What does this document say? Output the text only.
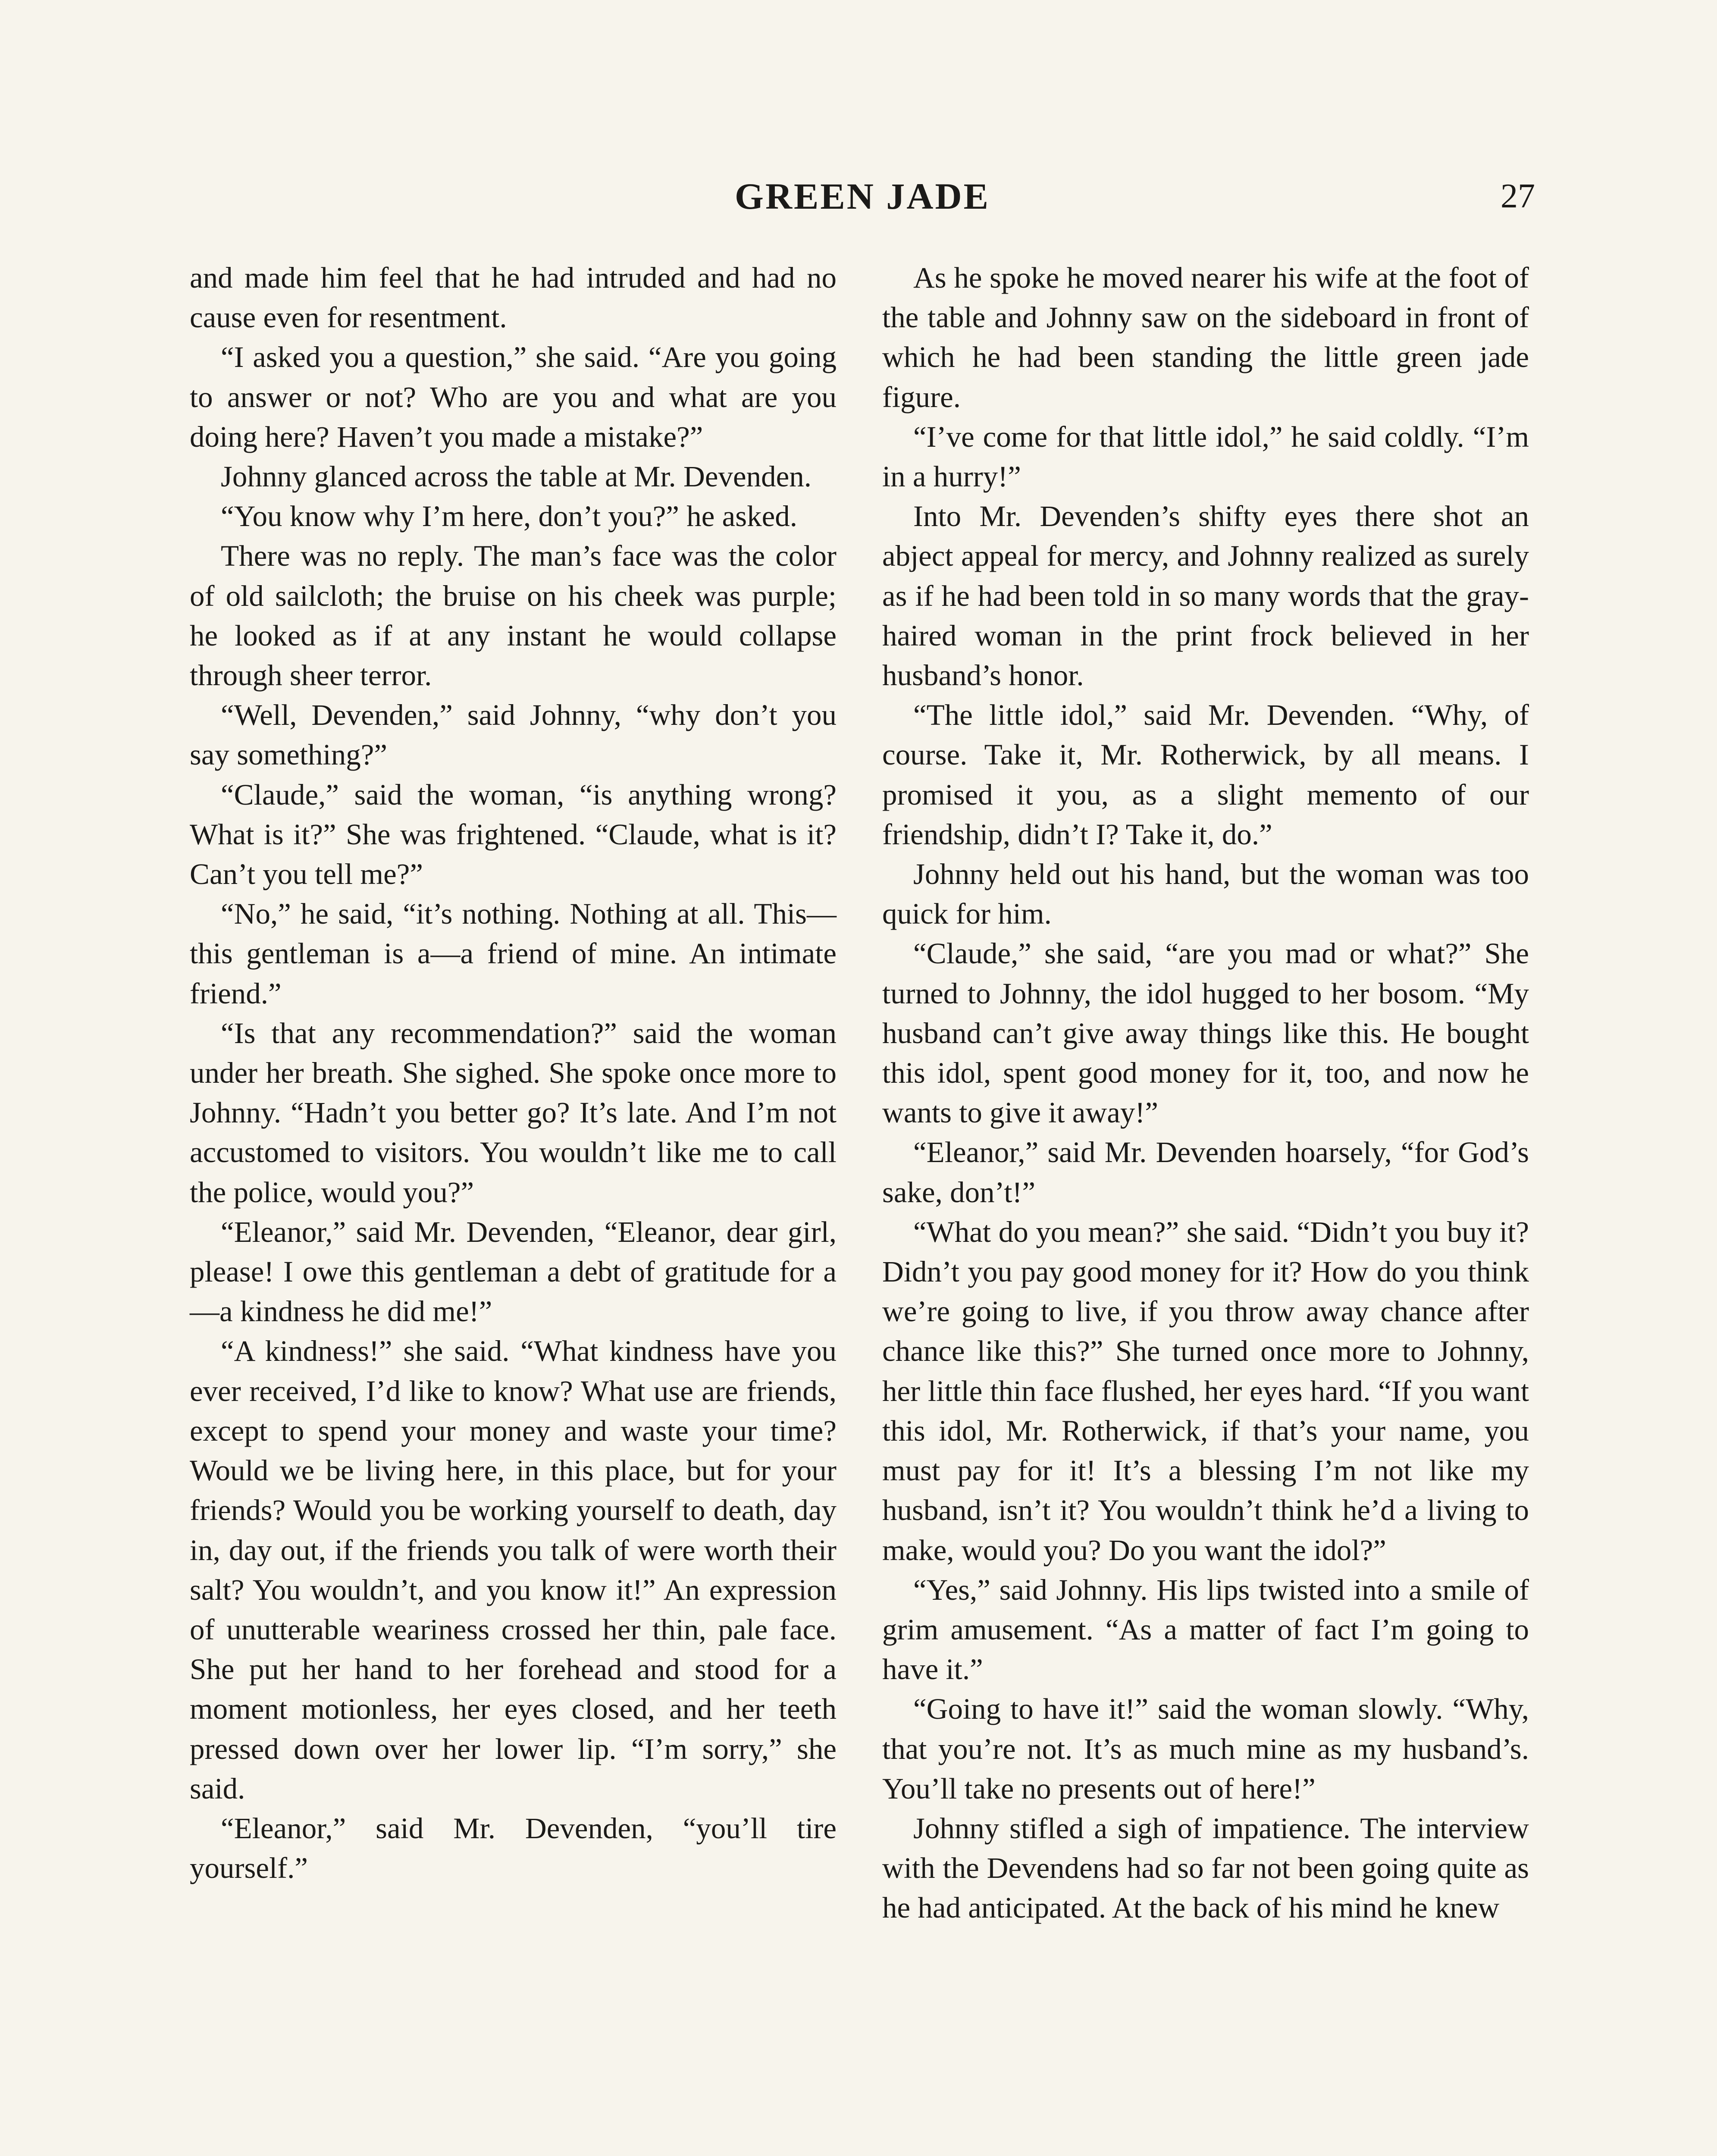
GREEN JADE	27

and made him feel that he had intruded and had no cause even for resentment.

“I asked you a question,” she said. “Are you going to answer or not? Who are you and what are you doing here? Haven’t you made a mistake?”

Johnny glanced across the table at Mr. Devenden.

“You know why I’m here, don’t you?” he asked.

There was no reply. The man’s face was the color of old sailcloth; the bruise on his cheek was purple; he looked as if at any instant he would collapse through sheer terror.

“Well, Devenden,” said Johnny, “why don’t you say something?”

“Claude,” said the woman, “is anything wrong? What is it?” She was frightened. “Claude, what is it? Can’t you tell me?”

“No,” he said, “it’s nothing. Nothing at all. This—this gentleman is a—a friend of mine. An intimate friend.”

“Is that any recommendation?” said the woman under her breath. She sighed. She spoke once more to Johnny. “Hadn’t you better go? It’s late. And I’m not accustomed to visitors. You wouldn’t like me to call the police, would you?”

“Eleanor,” said Mr. Devenden, “Eleanor, dear girl, please! I owe this gentleman a debt of gratitude for a—a kindness he did me!”

“A kindness!” she said. “What kindness have you ever received, I’d like to know? What use are friends, except to spend your money and waste your time? Would we be living here, in this place, but for your friends? Would you be working yourself to death, day in, day out, if the friends you talk of were worth their salt? You wouldn’t, and you know it!” An expression of unutterable weariness crossed her thin, pale face. She put her hand to her forehead and stood for a moment motionless, her eyes closed, and her teeth pressed down over her lower lip. “I’m sorry,” she said.

“Eleanor,” said Mr. Devenden, “you’ll tire yourself.”

As he spoke he moved nearer his wife at the foot of the table and Johnny saw on the sideboard in front of which he had been standing the little green jade figure.

“I’ve come for that little idol,” he said coldly. “I’m in a hurry!”

Into Mr. Devenden’s shifty eyes there shot an abject appeal for mercy, and Johnny realized as surely as if he had been told in so many words that the gray-haired woman in the print frock believed in her husband’s honor.

“The little idol,” said Mr. Devenden. “Why, of course. Take it, Mr. Rotherwick, by all means. I promised it you, as a slight memento of our friendship, didn’t I? Take it, do.”

Johnny held out his hand, but the woman was too quick for him.

“Claude,” she said, “are you mad or what?” She turned to Johnny, the idol hugged to her bosom. “My husband can’t give away things like this. He bought this idol, spent good money for it, too, and now he wants to give it away!”

“Eleanor,” said Mr. Devenden hoarsely, “for God’s sake, don’t!”

“What do you mean?” she said. “Didn’t you buy it? Didn’t you pay good money for it? How do you think we’re going to live, if you throw away chance after chance like this?” She turned once more to Johnny, her little thin face flushed, her eyes hard. “If you want this idol, Mr. Rotherwick, if that’s your name, you must pay for it! It’s a blessing I’m not like my husband, isn’t it? You wouldn’t think he’d a living to make, would you? Do you want the idol?”

“Yes,” said Johnny. His lips twisted into a smile of grim amusement. “As a matter of fact I’m going to have it.”

“Going to have it!” said the woman slowly. “Why, that you’re not. It’s as much mine as my husband’s. You’ll take no presents out of here!”

Johnny stifled a sigh of impatience. The interview with the Devendens had so far not been going quite as he had anticipated. At the back of his mind he knew
